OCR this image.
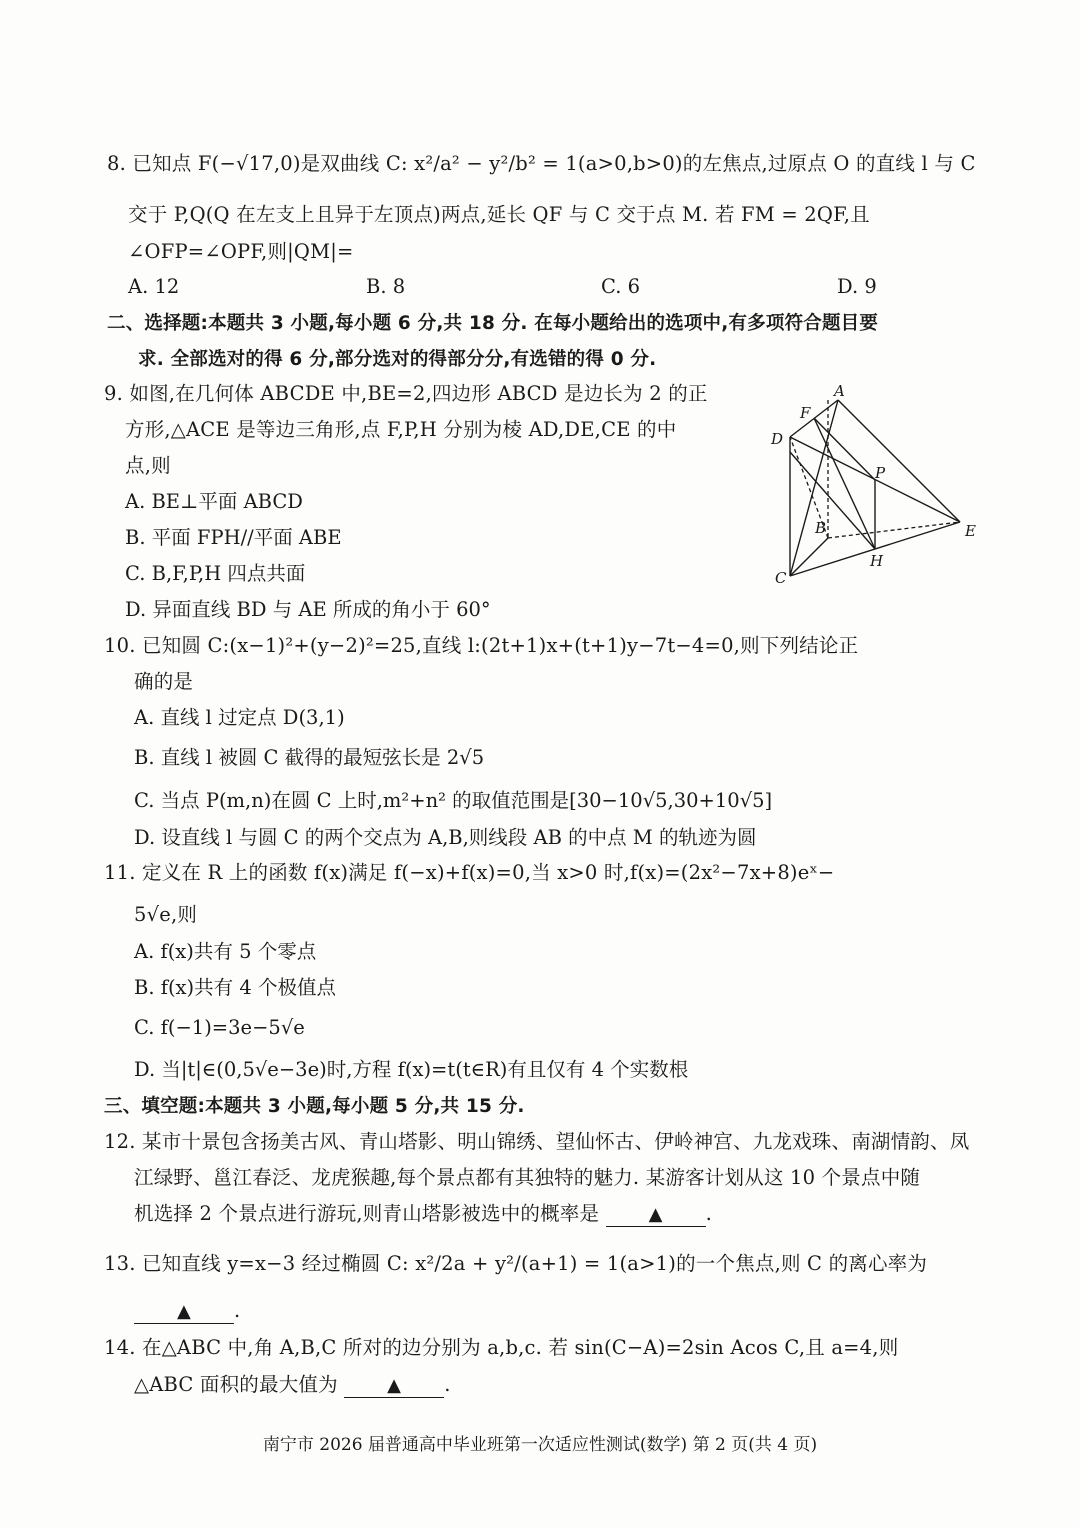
8. 已知点 F(−√17,0)是双曲线 C: x²/a² − y²/b² = 1(a>0,b>0)的左焦点,过原点 O 的直线 l 与 C
交于 P,Q(Q 在左支上且异于左顶点)两点,延长 QF 与 C 交于点 M. 若 FM = 2QF,且
∠OFP=∠OPF,则|QM|=
A. 12	B. 8	C. 6	D. 9
二、选择题:本题共 3 小题,每小题 6 分,共 18 分. 在每小题给出的选项中,有多项符合题目要
求. 全部选对的得 6 分,部分选对的得部分分,有选错的得 0 分.
9. 如图,在几何体 ABCDE 中,BE=2,四边形 ABCD 是边长为 2 的正
方形,△ACE 是等边三角形,点 F,P,H 分别为棱 AD,DE,CE 的中
点,则
A. BE⊥平面 ABCD
B. 平面 FPH//平面 ABE
C. B,F,P,H 四点共面
D. 异面直线 BD 与 AE 所成的角小于 60°
A
F
D
P
B	E
H
C
10. 已知圆 C:(x−1)²+(y−2)²=25,直线 l:(2t+1)x+(t+1)y−7t−4=0,则下列结论正
确的是
A. 直线 l 过定点 D(3,1)
B. 直线 l 被圆 C 截得的最短弦长是 2√5
C. 当点 P(m,n)在圆 C 上时,m²+n² 的取值范围是[30−10√5,30+10√5]
D. 设直线 l 与圆 C 的两个交点为 A,B,则线段 AB 的中点 M 的轨迹为圆
11. 定义在 R 上的函数 f(x)满足 f(−x)+f(x)=0,当 x>0 时,f(x)=(2x²−7x+8)eˣ−
5√e,则
A. f(x)共有 5 个零点
B. f(x)共有 4 个极值点
C. f(−1)=3e−5√e
D. 当|t|∈(0,5√e−3e)时,方程 f(x)=t(t∈R)有且仅有 4 个实数根
三、填空题:本题共 3 小题,每小题 5 分,共 15 分.
12. 某市十景包含扬美古风、青山塔影、明山锦绣、望仙怀古、伊岭神宫、九龙戏珠、南湖情韵、凤
江绿野、邕江春泛、龙虎猴趣,每个景点都有其独特的魅力. 某游客计划从这 10 个景点中随
机选择 2 个景点进行游玩,则青山塔影被选中的概率是	▲ .
13. 已知直线 y=x−3 经过椭圆 C: x²/2a + y²/(a+1) = 1(a>1)的一个焦点,则 C 的离心率为
▲ .
14. 在△ABC 中,角 A,B,C 所对的边分别为 a,b,c. 若 sin(C−A)=2sin Acos C,且 a=4,则
△ABC 面积的最大值为	▲ .
南宁市 2026 届普通高中毕业班第一次适应性测试(数学) 第 2 页(共 4 页)
